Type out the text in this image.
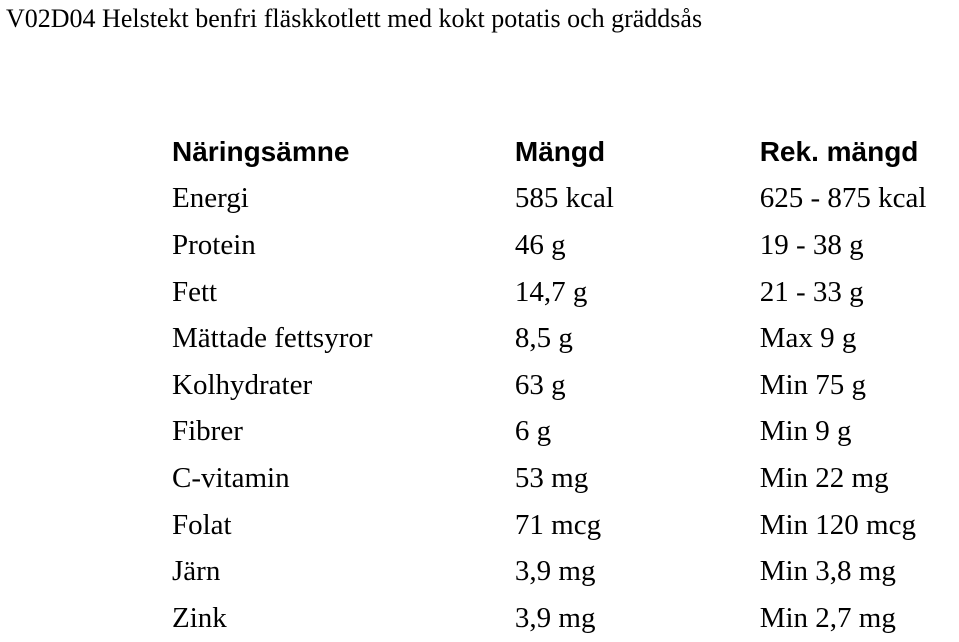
V02D04 Helstekt benfri fläskkotlett med kokt potatis och gräddsås
Näringsämne	Mängd	Rek. mängd
Energi	585 kcal	625 - 875 kcal
Protein	46 g	19 - 38 g
Fett	14,7 g	21 - 33 g
Mättade fettsyror	8,5 g	Max 9 g
Kolhydrater	63 g	Min 75 g
Fibrer	6 g	Min 9 g
C-vitamin	53 mg	Min 22 mg
Folat	71 mcg	Min 120 mcg
Järn	3,9 mg	Min 3,8 mg
Zink	3,9 mg	Min 2,7 mg
